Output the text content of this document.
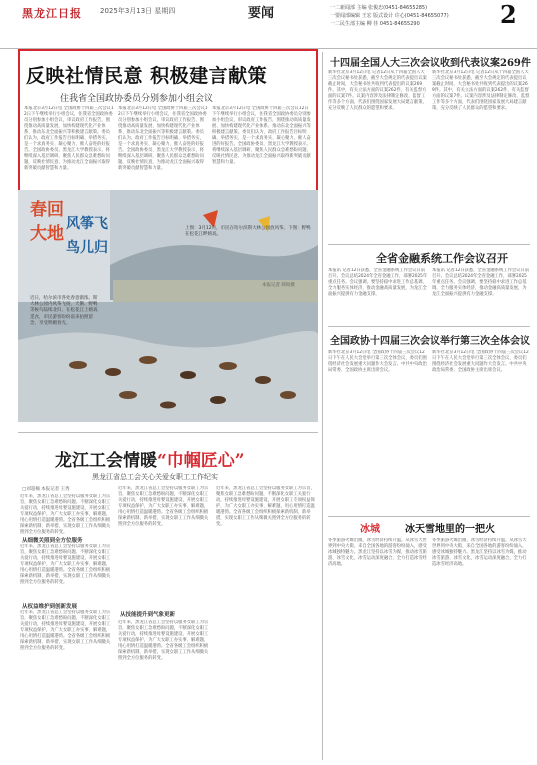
黑龙江日报	2025年3月13日 星期四	要闻	一二新闻部 主编 张俊忠(0451-84655285)
一要闻部编辑 王宏 版式设计 许心(0451-84655077)
一二民生部主编 柳 佳 0451-84655290	2
反映社情民意 积极建言献策
住我省全国政协委员分别参加小组会议
本报北京3月12日电 全国政协十四届三次会议12日下午继续举行小组会议，住我省全国政协委员分别参加小组会议，审议政府工作报告，围绕推动高质量发展、加快构建现代化产业体系、推动东北全面振兴等积极建言献策。委员们认为，政府工作报告目标明确、举措务实，是一个求真务实、凝心聚力、催人奋进的好报告。全国政协委员、黑龙江大学教授表示，将继续深入基层调研，聚焦人民群众急难愁盼问题，反映社情民意，为推动龙江全面振兴取得新突破贡献智慧和力量。
本报北京3月12日电 全国政协十四届三次会议12日下午继续举行小组会议，住我省全国政协委员分别参加小组会议，审议政府工作报告，围绕推动高质量发展、加快构建现代化产业体系、推动东北全面振兴等积极建言献策。委员们认为，政府工作报告目标明确、举措务实，是一个求真务实、凝心聚力、催人奋进的好报告。全国政协委员、黑龙江大学教授表示，将继续深入基层调研，聚焦人民群众急难愁盼问题，反映社情民意，为推动龙江全面振兴取得新突破贡献智慧和力量。
本报北京3月12日电 全国政协十四届三次会议12日下午继续举行小组会议，住我省全国政协委员分别参加小组会议，审议政府工作报告，围绕推动高质量发展、加快构建现代化产业体系、推动东北全面振兴等积极建言献策。委员们认为，政府工作报告目标明确、举措务实，是一个求真务实、凝心聚力、催人奋进的好报告。全国政协委员、黑龙江大学教授表示，将继续深入基层调研，聚焦人民群众急难愁盼问题，反映社情民意，为推动龙江全面振兴取得新突破贡献智慧和力量。
春回大地 风筝飞 鸟儿归
近日，哈尔滨市各处春意渐浓。斯大林公园内风筝飞扬，天鹅、野鸭等候鸟陆续北归，在松花江上嬉戏觅食，市民游客纷纷前来拍照留念，享受明媚春光。
上图：3月12日，市民在哈尔滨斯大林公园放风筝。下图：野鸭在松花江畔嬉戏。
本报记者 韩锐摄
龙江工会情暖“巾帼匠心”
黑龙江省总工会关心关爱女职工工作纪实
□刘超楠 本报记者 王秀
从细微关照到全方位服务
从权益维护到创新发展
从技能提升到气象更新
近年来，黑龙江省总工会坚持以服务女职工为宗旨，聚焦女职工急难愁盼问题，不断深化女职工关爱行动，持续推进母婴设施建设，开展女职工专项权益保护，为广大女职工办实事、解难题，用心用情打造温暖港湾。全省各级工会组织积极探索新机制、新举措，实现女职工工作从细微关照到全方位服务的转变。
近年来，黑龙江省总工会坚持以服务女职工为宗旨，聚焦女职工急难愁盼问题，不断深化女职工关爱行动，持续推进母婴设施建设，开展女职工专项权益保护，为广大女职工办实事、解难题，用心用情打造温暖港湾。全省各级工会组织积极探索新机制、新举措，实现女职工工作从细微关照到全方位服务的转变。
近年来，黑龙江省总工会坚持以服务女职工为宗旨，聚焦女职工急难愁盼问题，不断深化女职工关爱行动，持续推进母婴设施建设，开展女职工专项权益保护，为广大女职工办实事、解难题，用心用情打造温暖港湾。全省各级工会组织积极探索新机制、新举措，实现女职工工作从细微关照到全方位服务的转变。
近年来，黑龙江省总工会坚持以服务女职工为宗旨，聚焦女职工急难愁盼问题，不断深化女职工关爱行动，持续推进母婴设施建设，开展女职工专项权益保护，为广大女职工办实事、解难题，用心用情打造温暖港湾。全省各级工会组织积极探索新机制、新举措，实现女职工工作从细微关照到全方位服务的转变。
近年来，黑龙江省总工会坚持以服务女职工为宗旨，聚焦女职工急难愁盼问题，不断深化女职工关爱行动，持续推进母婴设施建设，开展女职工专项权益保护，为广大女职工办实事、解难题，用心用情打造温暖港湾。全省各级工会组织积极探索新机制、新举措，实现女职工工作从细微关照到全方位服务的转变。
近年来，黑龙江省总工会坚持以服务女职工为宗旨，聚焦女职工急难愁盼问题，不断深化女职工关爱行动，持续推进母婴设施建设，开展女职工专项权益保护，为广大女职工办实事、解难题，用心用情打造温暖港湾。全省各级工会组织积极探索新机制、新举措，实现女职工工作从细微关照到全方位服务的转变。
十四届全国人大三次会议收到代表议案269件
新华社北京3月12日电 记者12日从十四届全国人大三次会议秘书处获悉，截至大会规定的代表提出议案截止时间，大会秘书处共收到代表提出的议案269件。其中，有关立法方面的议案262件，有关监督方面的议案7件。议案内容涉及法律制定修改、监督工作等多个方面，代表们围绕国家发展大局建言献策，充分反映了人民群众的愿望和要求。
新华社北京3月12日电 记者12日从十四届全国人大三次会议秘书处获悉，截至大会规定的代表提出议案截止时间，大会秘书处共收到代表提出的议案269件。其中，有关立法方面的议案262件，有关监督方面的议案7件。议案内容涉及法律制定修改、监督工作等多个方面，代表们围绕国家发展大局建言献策，充分反映了人民群众的愿望和要求。
全省金融系统工作会议召开
本报讯 记者12日获悉，全省金融系统工作会议日前召开。会议总结2024年全省金融工作，部署2025年重点任务。会议强调，要坚持稳中求进工作总基调，全力服务实体经济，推动金融高质量发展，为龙江全面振兴提供有力金融支撑。
本报讯 记者12日获悉，全省金融系统工作会议日前召开。会议总结2024年全省金融工作，部署2025年重点任务。会议强调，要坚持稳中求进工作总基调，全力服务实体经济，推动金融高质量发展，为龙江全面振兴提供有力金融支撑。
全国政协十四届三次会议举行第三次全体会议
新华社北京3月12日电 全国政协十四届三次会议12日下午在人民大会堂举行第三次全体会议，委员们围绕经济社会发展重大问题作大会发言。中共中央政治局常委、全国政协主席出席会议。
新华社北京3月12日电 全国政协十四届三次会议12日下午在人民大会堂举行第三次全体会议，委员们围绕经济社会发展重大问题作大会发言。中共中央政治局常委、全国政协主席出席会议。
冰城	冰天雪地里的一把火
冬季旅游火爆出圈，冰雪经济持续升温。从冰雪大世界到中央大街，来自全国各地的游客纷纷涌入，感受冰城独特魅力。黑龙江坚持以冰雪为媒，推动冰雪旅游、冰雪文化、冰雪运动深度融合，全力打造冰雪经济高地。
冬季旅游火爆出圈，冰雪经济持续升温。从冰雪大世界到中央大街，来自全国各地的游客纷纷涌入，感受冰城独特魅力。黑龙江坚持以冰雪为媒，推动冰雪旅游、冰雪文化、冰雪运动深度融合，全力打造冰雪经济高地。
